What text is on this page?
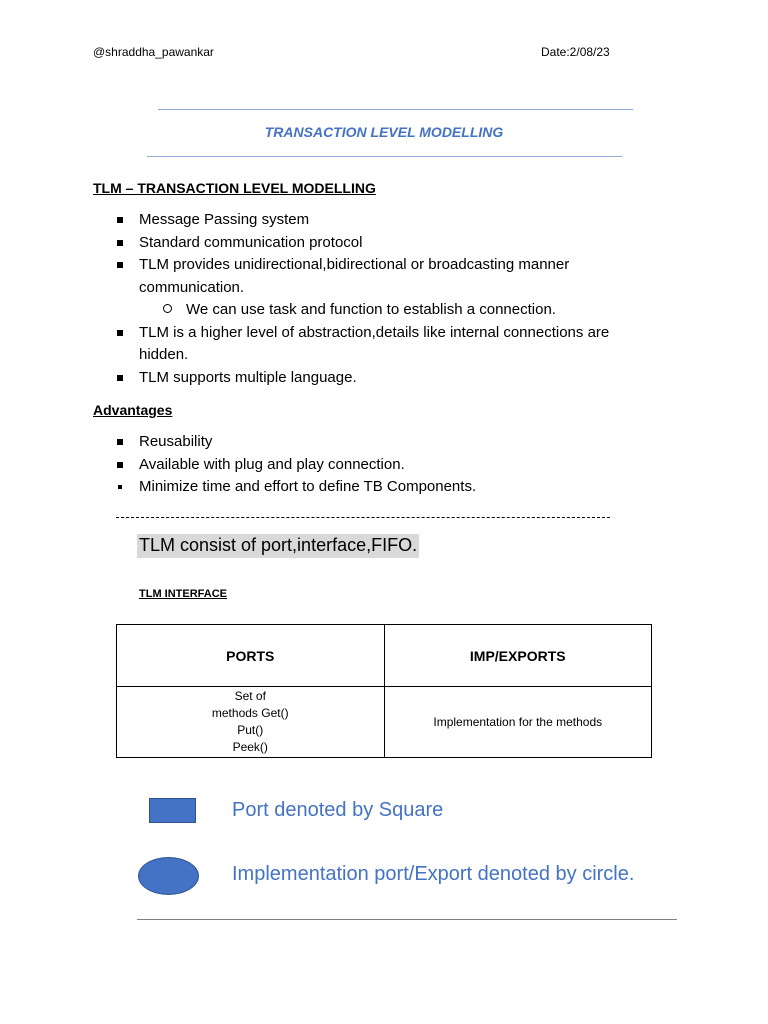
@shraddha_pawankar	Date:2/08/23
TRANSACTION LEVEL MODELLING
TLM – TRANSACTION LEVEL MODELLING
Message Passing system
Standard communication protocol
TLM provides unidirectional,bidirectional or broadcasting manner communication.
We can use task and function to establish a connection.
TLM is a higher level of abstraction,details like internal connections are hidden.
TLM supports multiple language.
Advantages
Reusability
Available with plug and play connection.
Minimize time and effort to define TB Components.
TLM consist of port,interface,FIFO.
TLM INTERFACE
PORTS	IMP/EXPORTS

Set of
methods Get()
Put()
Peek()	Implementation for the methods
Port denoted by Square
Implementation port/Export denoted by circle.
